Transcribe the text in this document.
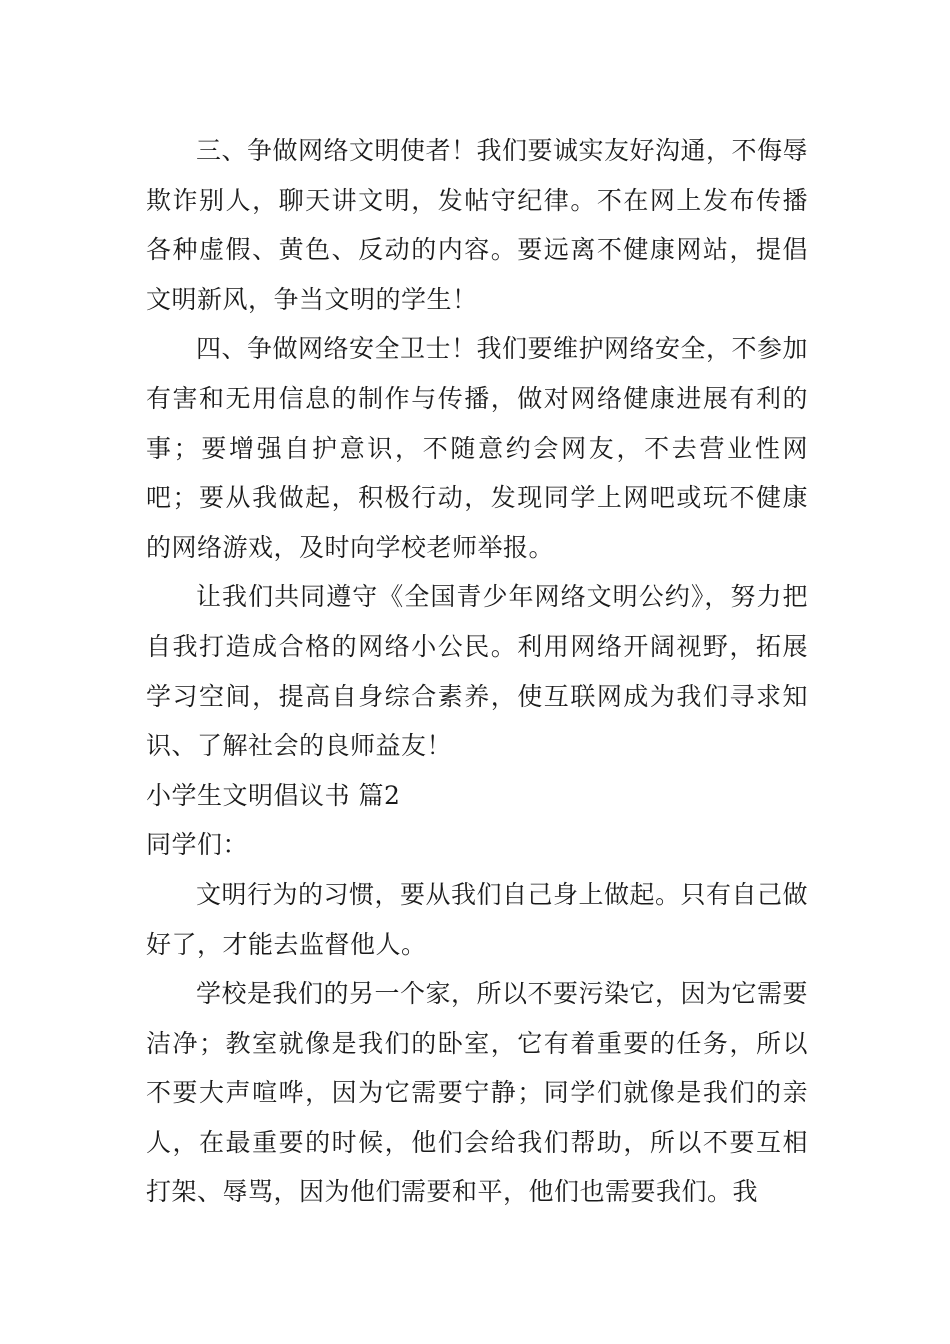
三、争做网络文明使者！我们要诚实友好沟通，不侮辱欺诈别人，聊天讲文明，发帖守纪律。不在网上发布传播各种虚假、黄色、反动的内容。要远离不健康网站，提倡文明新风，争当文明的学生！

四、争做网络安全卫士！我们要维护网络安全，不参加有害和无用信息的制作与传播，做对网络健康进展有利的事；要增强自护意识，不随意约会网友，不去营业性网吧；要从我做起，积极行动，发现同学上网吧或玩不健康的网络游戏，及时向学校老师举报。

让我们共同遵守《全国青少年网络文明公约》，努力把自我打造成合格的网络小公民。利用网络开阔视野，拓展学习空间，提高自身综合素养，使互联网成为我们寻求知识、了解社会的良师益友！

小学生文明倡议书 篇2

同学们：

文明行为的习惯，要从我们自己身上做起。只有自己做好了，才能去监督他人。

学校是我们的另一个家，所以不要污染它，因为它需要洁净；教室就像是我们的卧室，它有着重要的任务，所以不要大声喧哗，因为它需要宁静；同学们就像是我们的亲人，在最重要的时候，他们会给我们帮助，所以不要互相打架、辱骂，因为他们需要和平，他们也需要我们。我
